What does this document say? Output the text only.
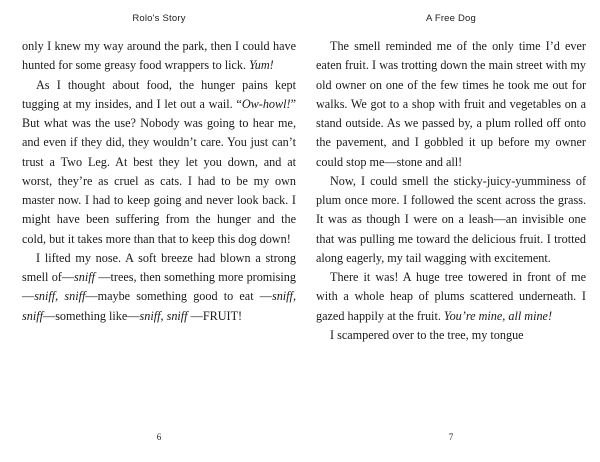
Rolo's Story

only I knew my way around the park, then I could have hunted for some greasy food wrappers to lick. Yum!

As I thought about food, the hunger pains kept tugging at my insides, and I let out a wail. “Ow-howl!” But what was the use? Nobody was going to hear me, and even if they did, they wouldn’t care. You just can’t trust a Two Leg. At best they let you down, and at worst, they’re as cruel as cats. I had to be my own master now. I had to keep going and never look back. I might have been suffering from the hunger and the cold, but it takes more than that to keep this dog down!

I lifted my nose. A soft breeze had blown a strong smell of—sniff —trees, then something more promising—sniff, sniff—maybe something good to eat —sniff, sniff—something like—sniff, sniff —FRUIT!

6
A Free Dog

The smell reminded me of the only time I’d ever eaten fruit. I was trotting down the main street with my old owner on one of the few times he took me out for walks. We got to a shop with fruit and vegetables on a stand outside. As we passed by, a plum rolled off onto the pavement, and I gobbled it up before my owner could stop me—stone and all!

Now, I could smell the sticky-juicy-yumminess of plum once more. I followed the scent across the grass. It was as though I were on a leash—an invisible one that was pulling me toward the delicious fruit. I trotted along eagerly, my tail wagging with excitement.

There it was! A huge tree towered in front of me with a whole heap of plums scattered underneath. I gazed happily at the fruit. You’re mine, all mine!

I scampered over to the tree, my tongue

7
